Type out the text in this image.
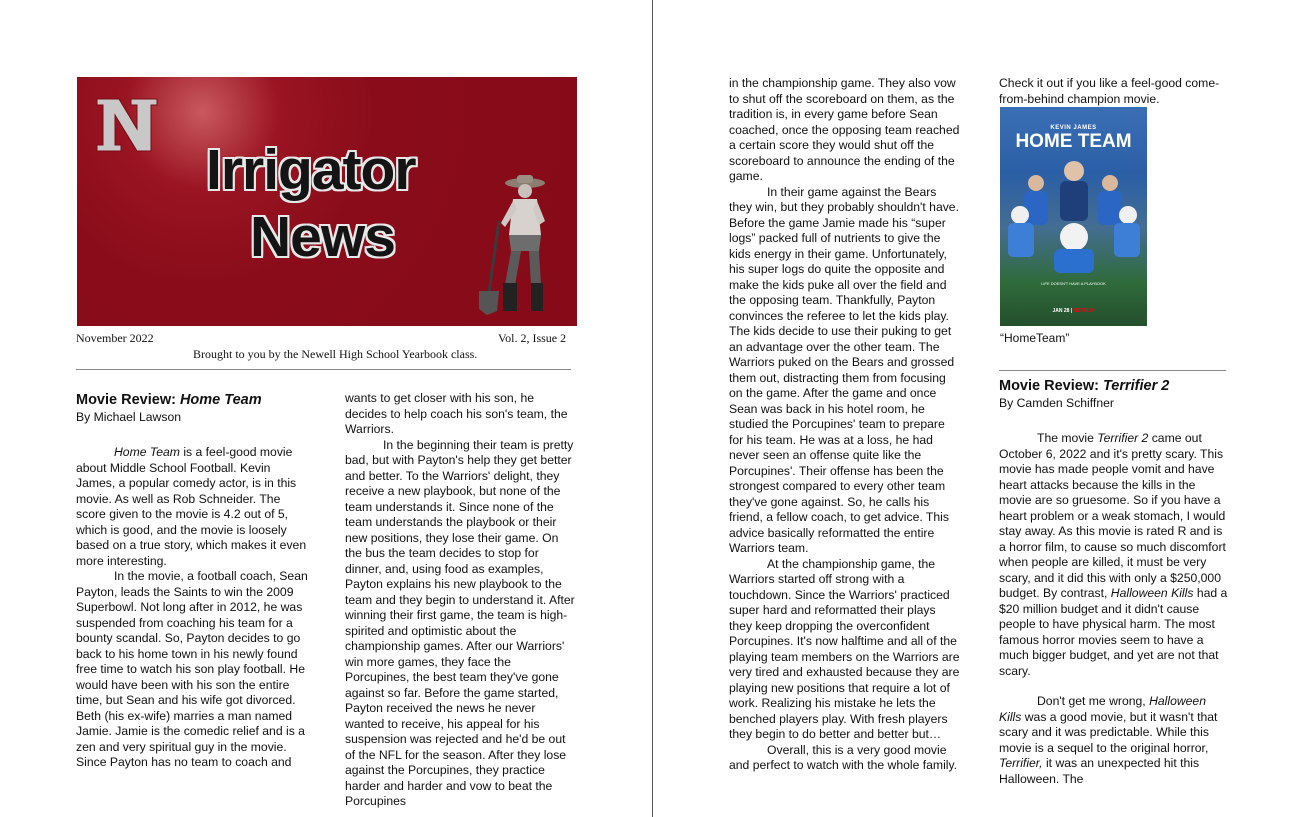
Irrigator
News
November 2022	Vol. 2, Issue 2
Brought to you by the Newell High School Yearbook class.

Movie Review: Home Team

By Michael Lawson

Home Team is a feel-good movie about Middle School Football. Kevin James, a popular comedy actor, is in this movie. As well as Rob Schneider. The score given to the movie is 4.2 out of 5, which is good, and the movie is loosely based on a true story, which makes it even more interesting.

In the movie, a football coach, Sean Payton, leads the Saints to win the 2009 Superbowl. Not long after in 2012, he was suspended from coaching his team for a bounty scandal. So, Payton decides to go back to his home town in his newly found free time to watch his son play football. He would have been with his son the entire time, but Sean and his wife got divorced. Beth (his ex-wife) marries a man named Jamie. Jamie is the comedic relief and is a zen and very spiritual guy in the movie. Since Payton has no team to coach and

wants to get closer with his son, he decides to help coach his son's team, the Warriors.

In the beginning their team is pretty bad, but with Payton's help they get better and better. To the Warriors' delight, they receive a new playbook, but none of the team understands it. Since none of the team understands the playbook or their new positions, they lose their game. On the bus the team decides to stop for dinner, and, using food as examples, Payton explains his new playbook to the team and they begin to understand it. After winning their first game, the team is high-spirited and optimistic about the championship games. After our Warriors' win more games, they face the Porcupines, the best team they've gone against so far. Before the game started, Payton received the news he never wanted to receive, his appeal for his suspension was rejected and he'd be out of the NFL for the season. After they lose against the Porcupines, they practice harder and harder and vow to beat the Porcupines

in the championship game. They also vow to shut off the scoreboard on them, as the tradition is, in every game before Sean coached, once the opposing team reached a certain score they would shut off the scoreboard to announce the ending of the game.

In their game against the Bears they win, but they probably shouldn't have. Before the game Jamie made his “super logs” packed full of nutrients to give the kids energy in their game. Unfortunately, his super logs do quite the opposite and make the kids puke all over the field and the opposing team. Thankfully, Payton convinces the referee to let the kids play. The kids decide to use their puking to get an advantage over the other team. The Warriors puked on the Bears and grossed them out, distracting them from focusing on the game. After the game and once Sean was back in his hotel room, he studied the Porcupines' team to prepare for his team. He was at a loss, he had never seen an offense quite like the Porcupines'. Their offense has been the strongest compared to every other team they've gone against. So, he calls his friend, a fellow coach, to get advice. This advice basically reformatted the entire Warriors team.

At the championship game, the Warriors started off strong with a touchdown. Since the Warriors' practiced super hard and reformatted their plays they keep dropping the overconfident Porcupines. It's now halftime and all of the playing team members on the Warriors are very tired and exhausted because they are playing new positions that require a lot of work. Realizing his mistake he lets the benched players play. With fresh players they begin to do better and better but…

Overall, this is a very good movie and perfect to watch with the whole family.

Check it out if you like a feel-good come-from-behind champion movie.

KEVIN JAMES
HOME TEAM
LIFE DOESN'T HAVE A PLAYBOOK
JAN 28 | NETFLIX
“HomeTeam”

Movie Review: Terrifier 2

By Camden Schiffner

The movie Terrifier 2 came out October 6, 2022 and it's pretty scary. This movie has made people vomit and have heart attacks because the kills in the movie are so gruesome. So if you have a heart problem or a weak stomach, I would stay away. As this movie is rated R and is a horror film, to cause so much discomfort when people are killed, it must be very scary, and it did this with only a $250,000 budget. By contrast, Halloween Kills had a $20 million budget and it didn't cause people to have physical harm. The most famous horror movies seem to have a much bigger budget, and yet are not that scary.

Don't get me wrong, Halloween Kills was a good movie, but it wasn't that scary and it was predictable. While this movie is a sequel to the original horror, Terrifier, it was an unexpected hit this Halloween. The
